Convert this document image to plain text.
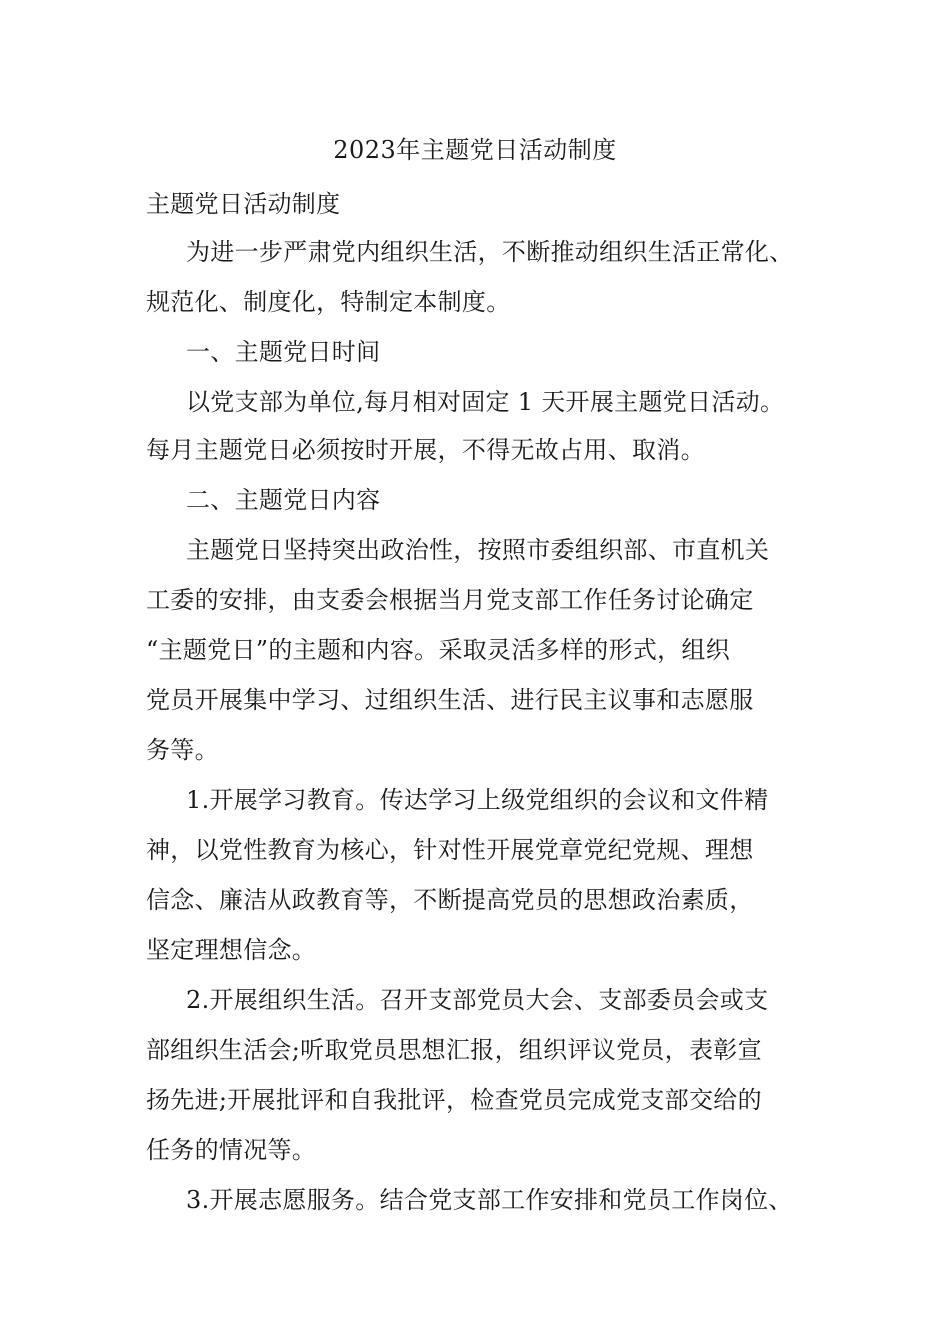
2023年主题党日活动制度
主题党日活动制度
为进一步严肃党内组织生活，不断推动组织生活正常化、
规范化、制度化，特制定本制度。
一、主题党日时间
以党支部为单位,每月相对固定 1 天开展主题党日活动。
每月主题党日必须按时开展，不得无故占用、取消。
二、主题党日内容
主题党日坚持突出政治性，按照市委组织部、市直机关
工委的安排，由支委会根据当月党支部工作任务讨论确定
“主题党日”的主题和内容。采取灵活多样的形式，组织
党员开展集中学习、过组织生活、进行民主议事和志愿服
务等。
1.开展学习教育。传达学习上级党组织的会议和文件精
神，以党性教育为核心，针对性开展党章党纪党规、理想
信念、廉洁从政教育等，不断提高党员的思想政治素质，
坚定理想信念。
2.开展组织生活。召开支部党员大会、支部委员会或支
部组织生活会;听取党员思想汇报，组织评议党员，表彰宣
扬先进;开展批评和自我批评，检查党员完成党支部交给的
任务的情况等。
3.开展志愿服务。结合党支部工作安排和党员工作岗位、
